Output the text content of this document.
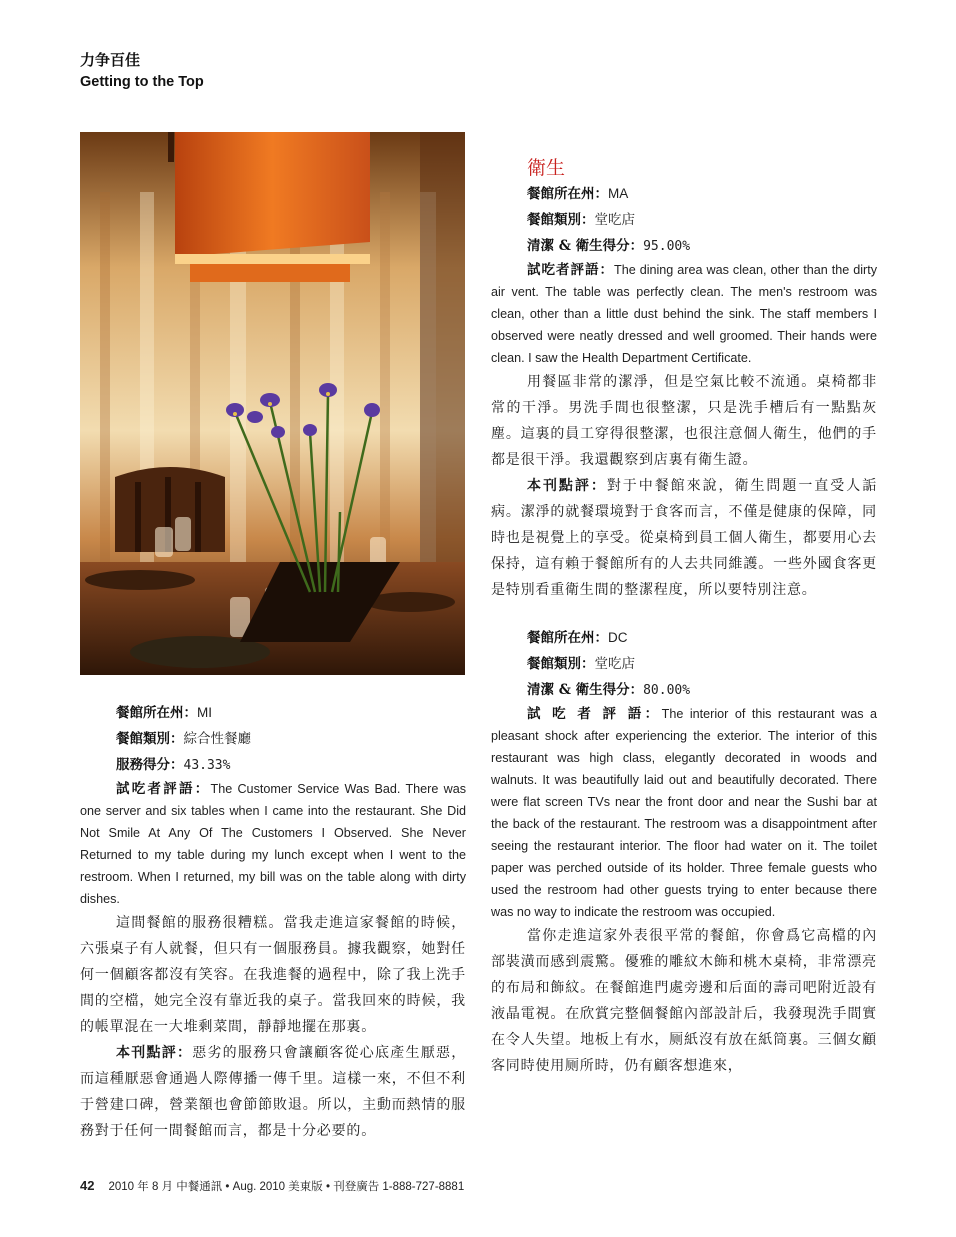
力争百佳
Getting to the Top
餐館所在州：MI
餐館類別：綜合性餐廳
服務得分：43.33%

試吃者評語：The Customer Service Was Bad. There was one server and six tables when I came into the restaurant. She Did Not Smile At Any Of The Customers I Observed. She Never Returned to my table during my lunch except when I went to the restroom. When I returned, my bill was on the table along with dirty dishes.

這間餐館的服務很糟糕。當我走進這家餐館的時候，六張桌子有人就餐，但只有一個服務員。據我觀察，她對任何一個顧客都沒有笑容。在我進餐的過程中，除了我上洗手間的空檔，她完全沒有靠近我的桌子。當我回來的時候，我的帳單混在一大堆剩菜間，靜靜地擺在那裏。

本刊點評：惡劣的服務只會讓顧客從心底產生厭惡，而這種厭惡會通過人際傳播一傳千里。這樣一來，不但不利于營建口碑，營業額也會節節敗退。所以，主動而熱情的服務對于任何一間餐館而言，都是十分必要的。

衛生
餐館所在州：MA
餐館類別：堂吃店
清潔 & 衛生得分：95.00%

試吃者評語：The dining area was clean, other than the dirty air vent. The table was perfectly clean. The men's restroom was clean, other than a little dust behind the sink. The staff members I observed were neatly dressed and well groomed. Their hands were clean. I saw the Health Department Certificate.

用餐區非常的潔淨，但是空氣比較不流通。桌椅都非常的干淨。男洗手間也很整潔，只是洗手槽后有一點點灰塵。這裏的員工穿得很整潔，也很注意個人衛生，他們的手都是很干淨。我還觀察到店裏有衛生證。

本刊點評：對于中餐館來說，衛生問題一直受人詬病。潔淨的就餐環境對于食客而言，不僅是健康的保障，同時也是視覺上的享受。從桌椅到員工個人衛生，都要用心去保持，這有賴于餐館所有的人去共同維護。一些外國食客更是特別看重衛生間的整潔程度，所以要特別注意。

餐館所在州：DC
餐館類別：堂吃店
清潔 & 衛生得分：80.00%

試 吃 者 評 語：The interior of this restaurant was a pleasant shock after experiencing the exterior. The interior of this restaurant was high class, elegantly decorated in woods and walnuts. It was beautifully laid out and beautifully decorated. There were flat screen TVs near the front door and near the Sushi bar at the back of the restaurant. The restroom was a disappointment after seeing the restaurant interior. The floor had water on it. The toilet paper was perched outside of its holder. Three female guests who used the restroom had other guests trying to enter because there was no way to indicate the restroom was occupied.

當你走進這家外表很平常的餐館，你會爲它高檔的內部裝潢而感到震驚。優雅的雕紋木飾和桃木桌椅，非常漂亮的布局和飾紋。在餐館進門處旁邊和后面的壽司吧附近設有液晶電視。在欣賞完整個餐館內部設計后，我發現洗手間實在令人失望。地板上有水，厕紙沒有放在紙筒裏。三個女顧客同時使用厕所時，仍有顧客想進來，

42 2010 年 8 月 中餐通訊 • Aug. 2010 美東版 • 刊登廣告 1-888-727-8881
